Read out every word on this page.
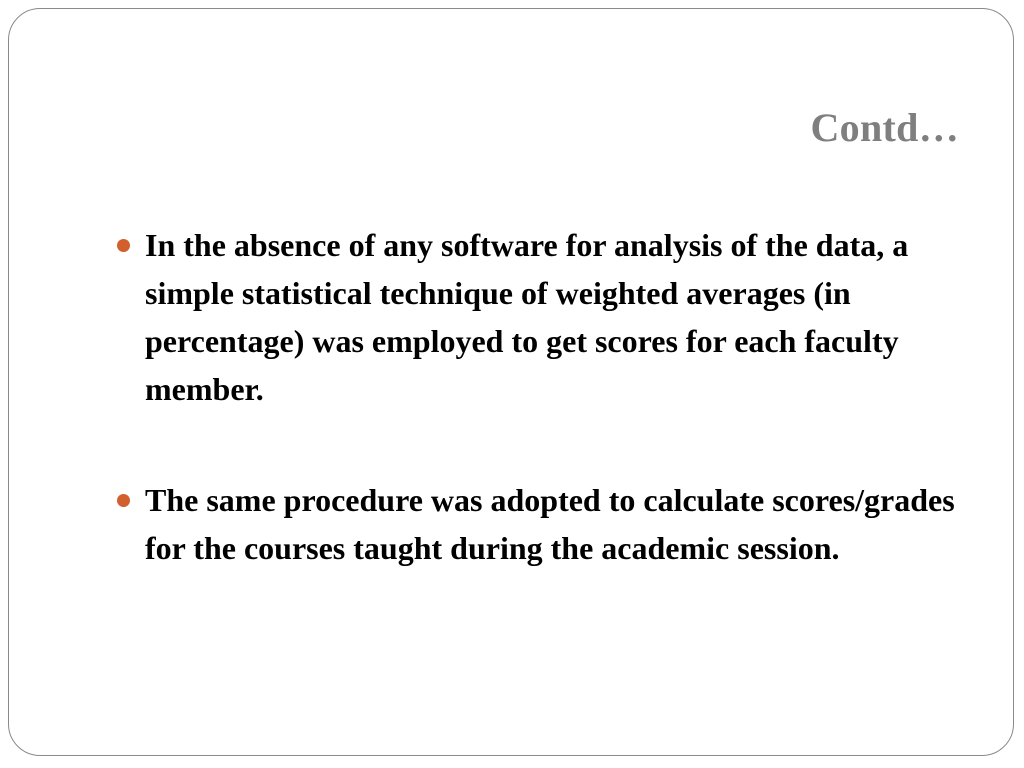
Contd…
In the absence of any software for analysis of the data, a simple statistical technique of weighted averages (in percentage) was employed to get scores for each faculty member.
The same procedure was adopted to calculate scores/grades for the courses taught during the academic session.
